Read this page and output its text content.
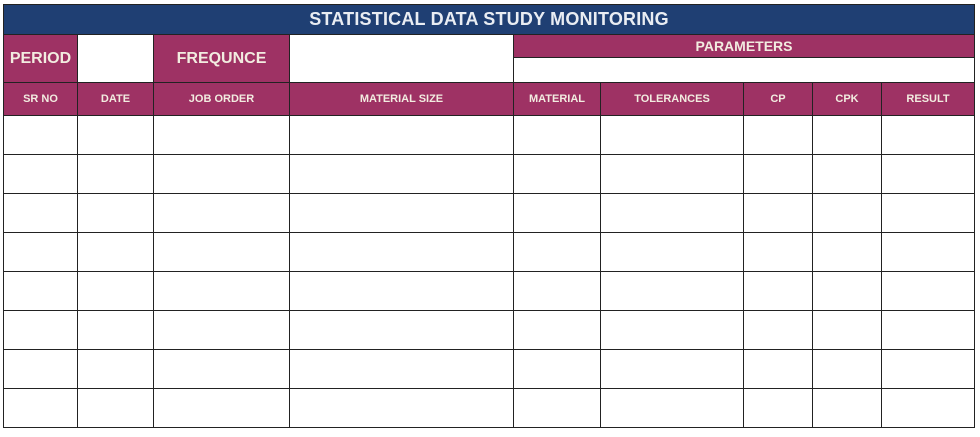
STATISTICAL DATA STUDY MONITORING								
PERIOD		FREQUNCE		PARAMETERS				

SR NO	DATE	JOB ORDER	MATERIAL SIZE	MATERIAL	TOLERANCES	CP	CPK	RESULT
